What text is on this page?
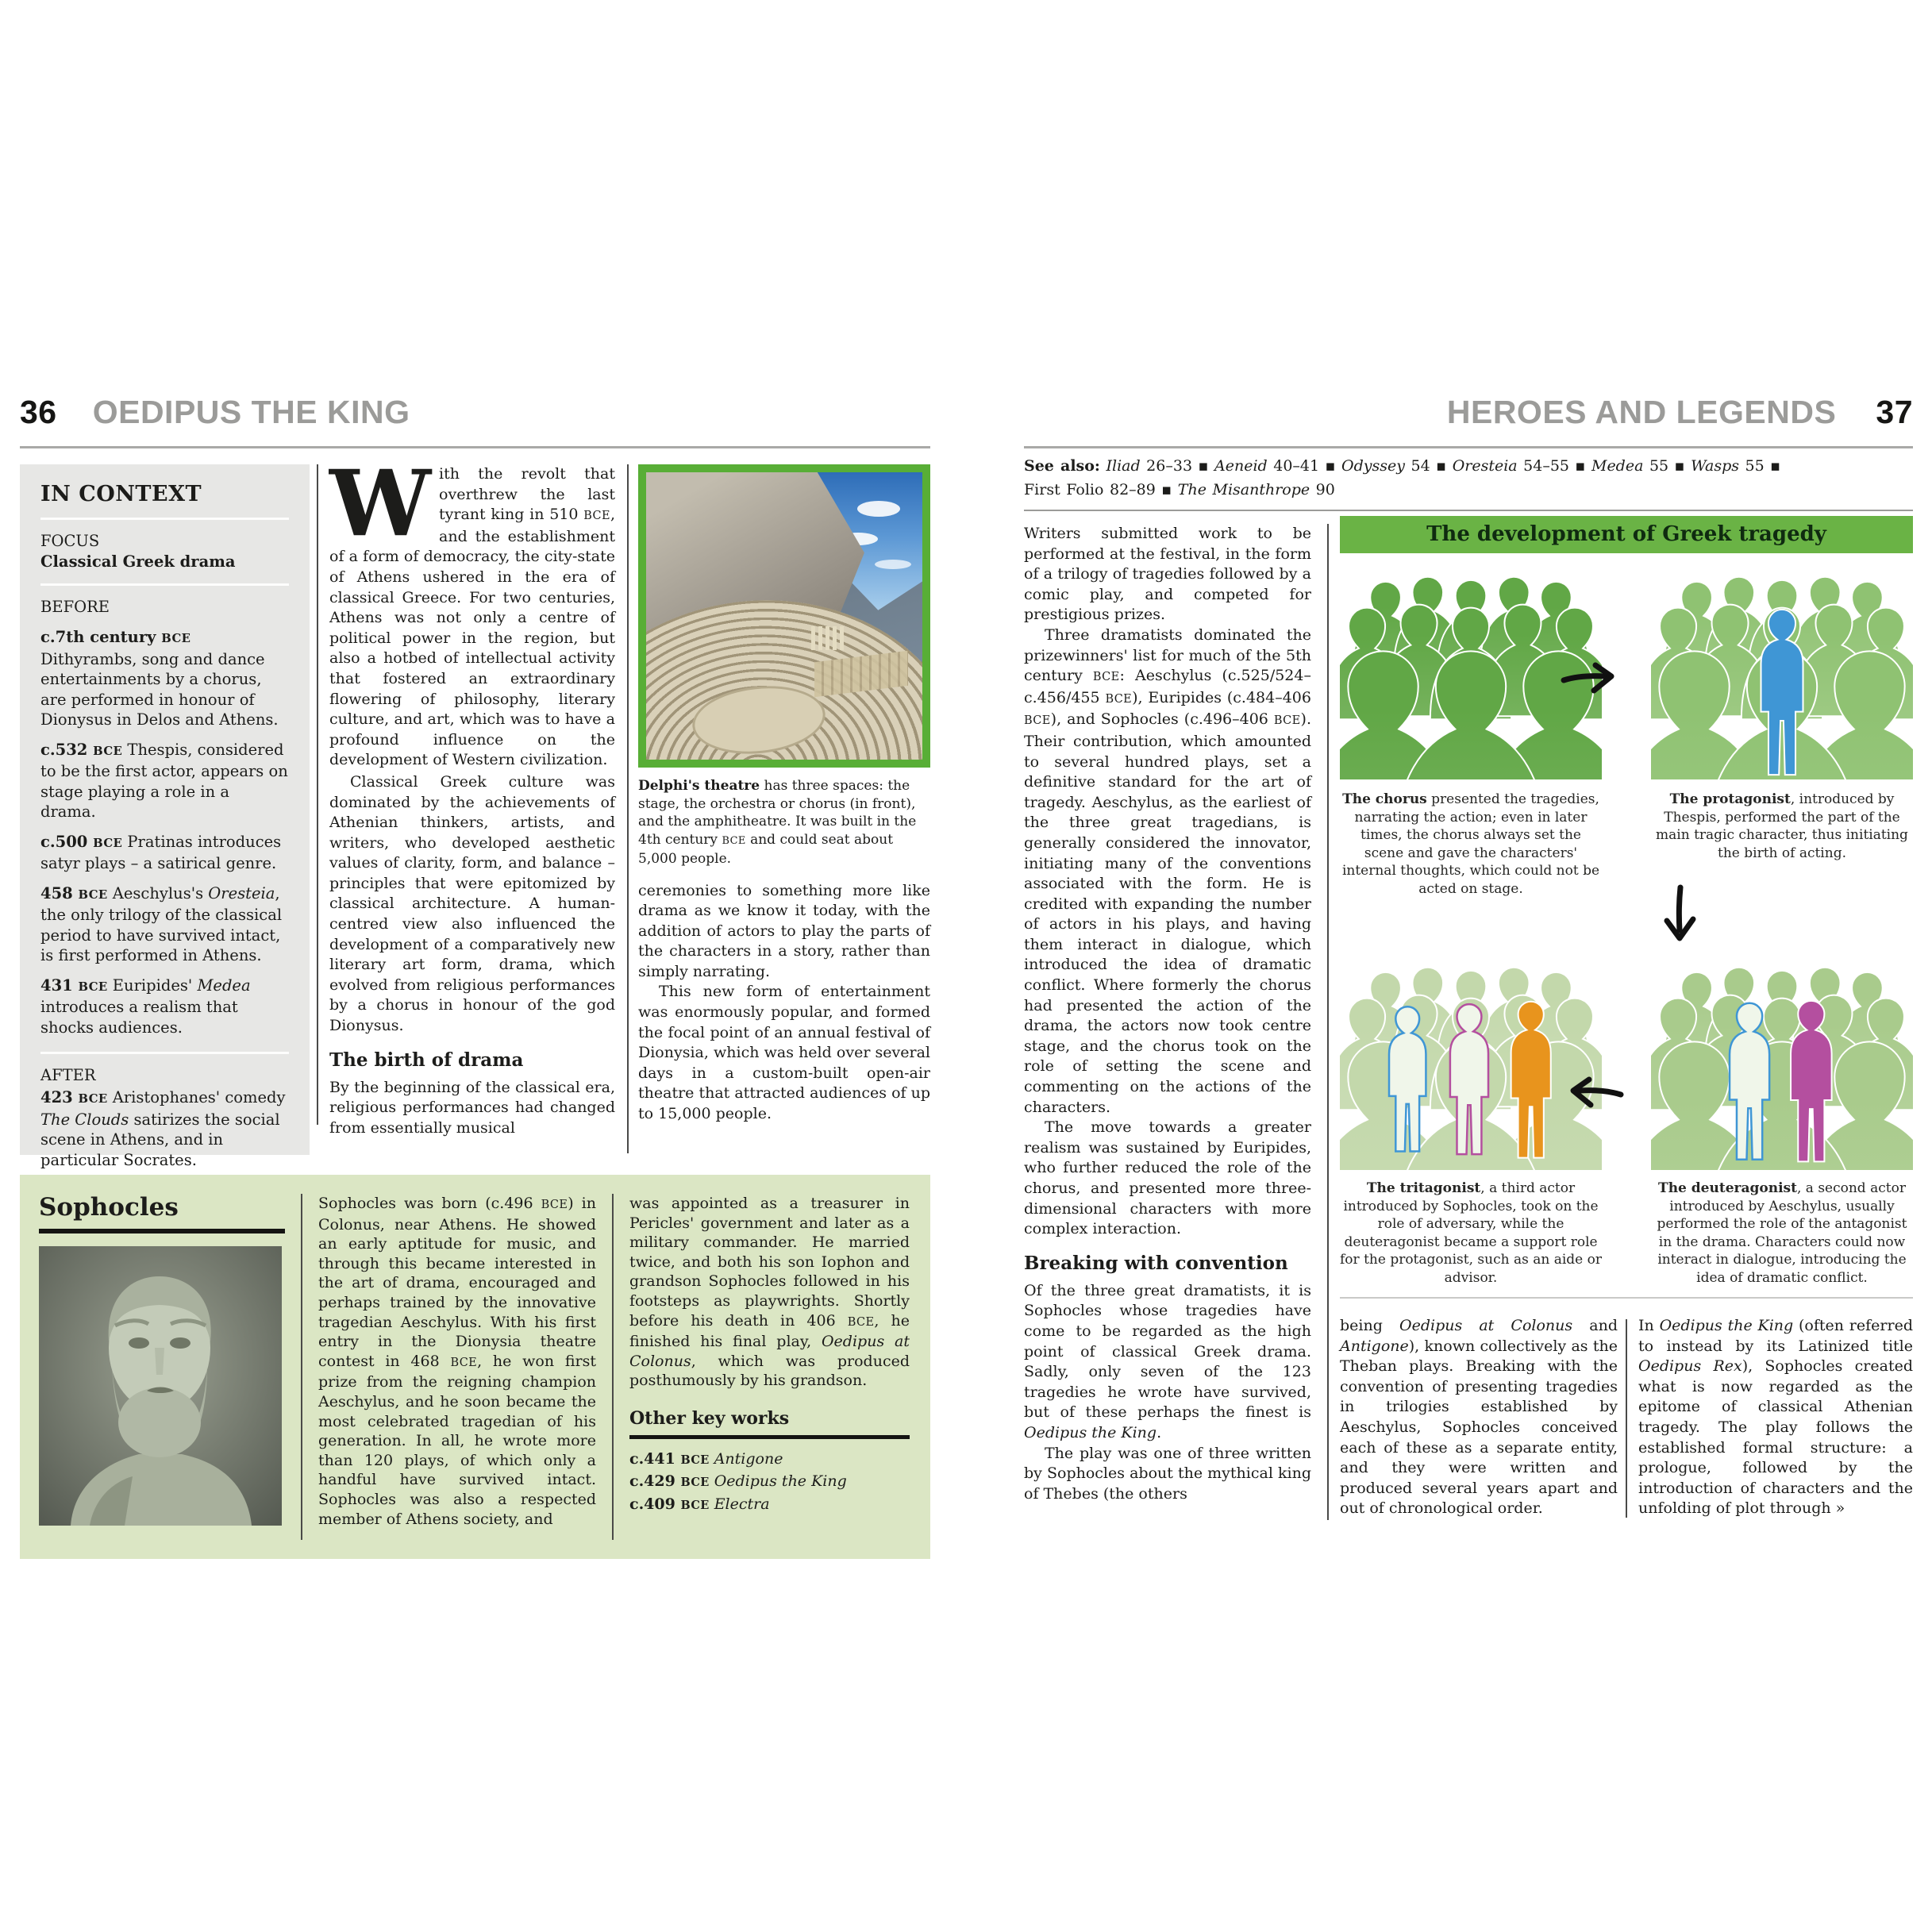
36 OEDIPUS THE KING
IN CONTEXT
FOCUS
Classical Greek drama
BEFORE
c.7th century BCE Dithyrambs, song and dance entertainments by a chorus, are performed in honour of Dionysus in Delos and Athens.
c.532 BCE Thespis, considered to be the first actor, appears on stage playing a role in a drama.
c.500 BCE Pratinas introduces satyr plays – a satirical genre.
458 BCE Aeschylus's Oresteia, the only trilogy of the classical period to have survived intact, is first performed in Athens.
431 BCE Euripides' Medea introduces a realism that shocks audiences.
AFTER
423 BCE Aristophanes' comedy The Clouds satirizes the social scene in Athens, and in particular Socrates.

With the revolt that overthrew the last tyrant king in 510 BCE, and the establishment of a form of democracy, the city-state of Athens ushered in the era of classical Greece. For two centuries, Athens was not only a centre of political power in the region, but also a hotbed of intellectual activity that fostered an extraordinary flowering of philosophy, literary culture, and art, which was to have a profound influence on the development of Western civilization.

Classical Greek culture was dominated by the achievements of Athenian thinkers, artists, and writers, who developed aesthetic values of clarity, form, and balance – principles that were epitomized by classical architecture. A human-centred view also influenced the development of a comparatively new literary art form, drama, which evolved from religious performances by a chorus in honour of the god Dionysus.

The birth of drama

By the beginning of the classical era, religious performances had changed from essentially musical

Delphi's theatre has three spaces: the stage, the orchestra or chorus (in front), and the amphitheatre. It was built in the 4th century BCE and could seat about 5,000 people.

ceremonies to something more like drama as we know it today, with the addition of actors to play the parts of the characters in a story, rather than simply narrating.

This new form of entertainment was enormously popular, and formed the focal point of an annual festival of Dionysia, which was held over several days in a custom-built open-air theatre that attracted audiences of up to 15,000 people.

Sophocles	Sophocles was born (c.496 BCE) in Colonus, near Athens. He showed an early aptitude for music, and through this became interested in the art of drama, encouraged and perhaps trained by the innovative tragedian Aeschylus. With his first entry in the Dionysia theatre contest in 468 BCE, he won first prize from the reigning champion Aeschylus, and he soon became the most celebrated tragedian of his generation. In all, he wrote more than 120 plays, of which only a handful have survived intact. Sophocles was also a respected member of Athens society, and
was appointed as a treasurer in Pericles' government and later as a military commander. He married twice, and both his son Iophon and grandson Sophocles followed in his footsteps as playwrights. Shortly before his death in 406 BCE, he finished his final play, Oedipus at Colonus, which was produced posthumously by his grandson.
Other key works
c.441 BCE Antigone
c.429 BCE Oedipus the King
c.409 BCE Electra
HEROES AND LEGENDS 37
See also: Iliad 26–33 ▪ Aeneid 40–41 ▪ Odyssey 54 ▪ Oresteia 54–55 ▪ Medea 55 ▪ Wasps 55 ▪
First Folio 82–89 ▪ The Misanthrope 90

Writers submitted work to be performed at the festival, in the form of a trilogy of tragedies followed by a comic play, and competed for prestigious prizes.

Three dramatists dominated the prizewinners' list for much of the 5th century BCE: Aeschylus (c.525/524–c.456/455 BCE), Euripides (c.484–406 BCE), and Sophocles (c.496–406 BCE). Their contribution, which amounted to several hundred plays, set a definitive standard for the art of tragedy. Aeschylus, as the earliest of the three great tragedians, is generally considered the innovator, initiating many of the conventions associated with the form. He is credited with expanding the number of actors in his plays, and having them interact in dialogue, which introduced the idea of dramatic conflict. Where formerly the chorus had presented the action of the drama, the actors now took centre stage, and the chorus took on the role of setting the scene and commenting on the actions of the characters.

The move towards a greater realism was sustained by Euripides, who further reduced the role of the chorus, and presented more three-dimensional characters with more complex interaction.

Breaking with convention

Of the three great dramatists, it is Sophocles whose tragedies have come to be regarded as the high point of classical Greek drama. Sadly, only seven of the 123 tragedies he wrote have survived, but of these perhaps the finest is Oedipus the King.

The play was one of three written by Sophocles about the mythical king of Thebes (the others

The development of Greek tragedy
The chorus presented the tragedies, narrating the action; even in later times, the chorus always set the scene and gave the characters' internal thoughts, which could not be acted on stage.
The protagonist, introduced by Thespis, performed the part of the main tragic character, thus initiating the birth of acting.
The tritagonist, a third actor introduced by Sophocles, took on the role of adversary, while the deuteragonist became a support role for the protagonist, such as an aide or advisor.
The deuteragonist, a second actor introduced by Aeschylus, usually performed the role of the antagonist in the drama. Characters could now interact in dialogue, introducing the idea of dramatic conflict.
being Oedipus at Colonus and Antigone), known collectively as the Theban plays. Breaking with the convention of presenting tragedies in trilogies established by Aeschylus, Sophocles conceived each of these as a separate entity, and they were written and produced several years apart and out of chronological order.
In Oedipus the King (often referred to instead by its Latinized title Oedipus Rex), Sophocles created what is now regarded as the epitome of classical Athenian tragedy. The play follows the established formal structure: a prologue, followed by the introduction of characters and the unfolding of plot through »
